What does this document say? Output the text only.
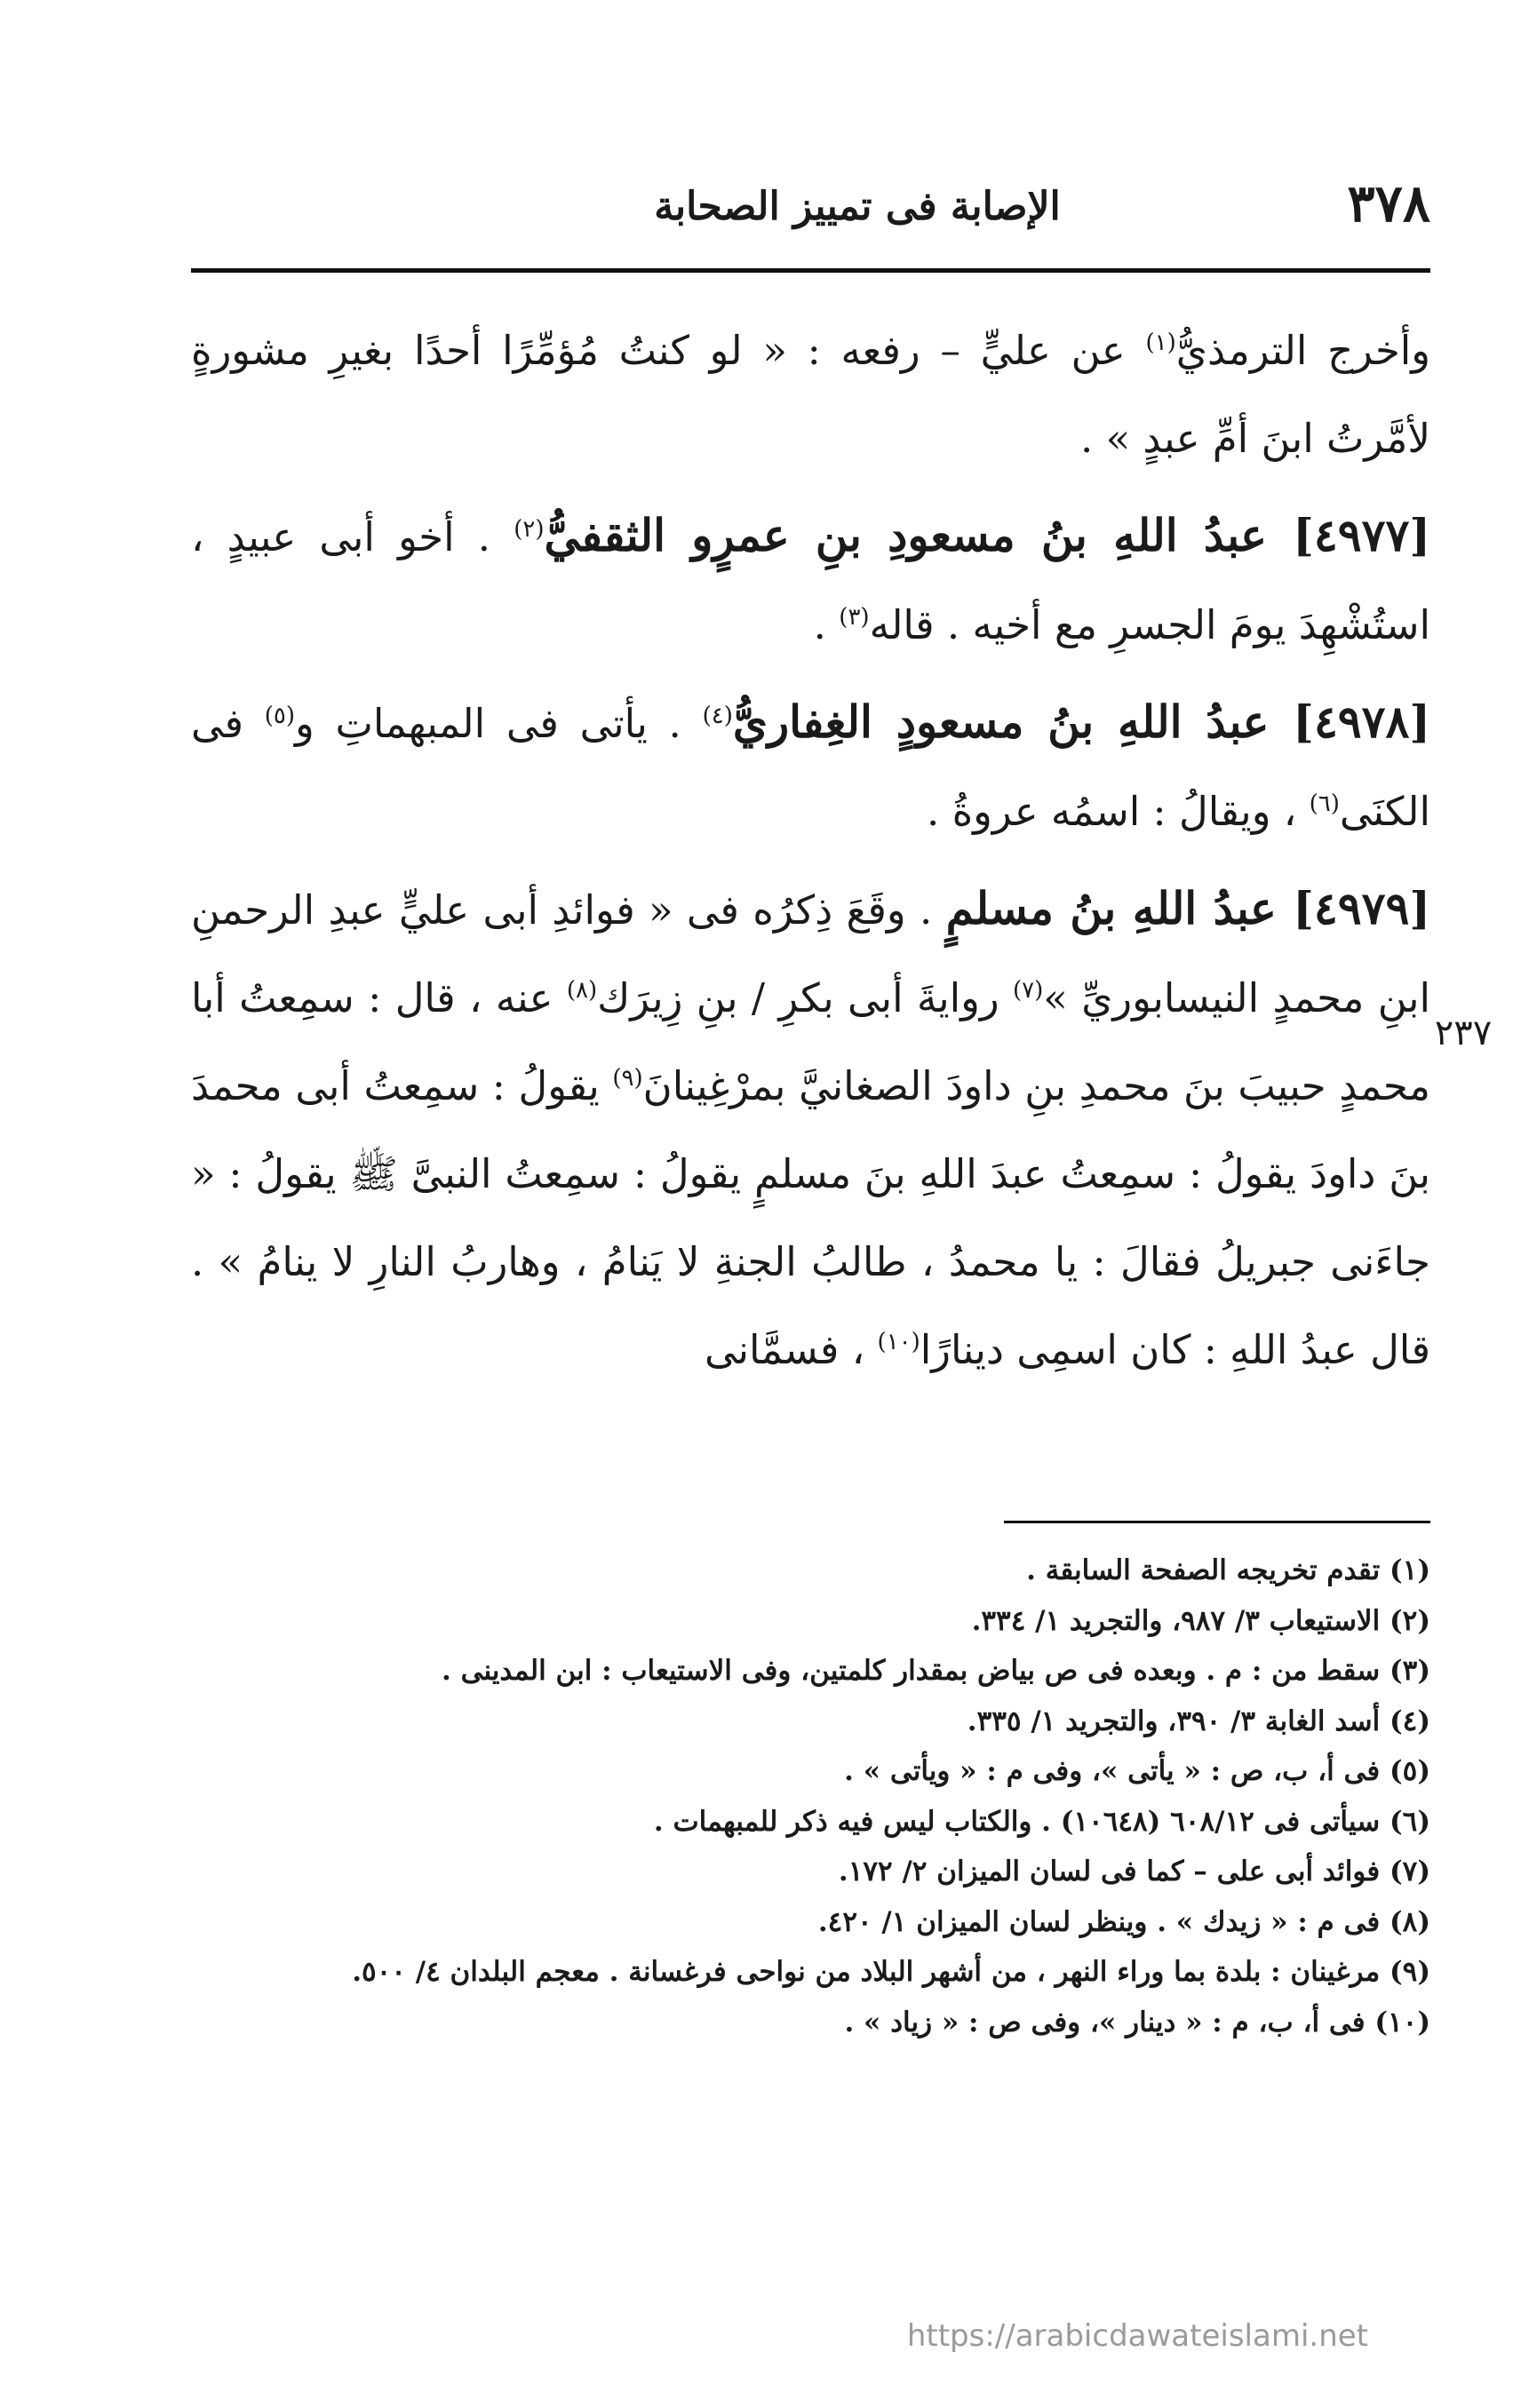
٣٧٨
الإصابة فى تمييز الصحابة

وأخرج الترمذيُّ$^{(١)}$ عن عليٍّ – رفعه : « لو كنتُ مُؤمِّرًا أحدًا بغيرِ مشورةٍ لأمَّرتُ ابنَ أمِّ عبدٍ » .

[٤٩٧٧] عبدُ اللهِ بنُ مسعودِ بنِ عمرٍو الثقفيُّ$^{(٢)}$ . أخو أبى عبيدٍ ، استُشْهِدَ يومَ الجسرِ مع أخيه . قاله$^{(٣)}$ .

[٤٩٧٨] عبدُ اللهِ بنُ مسعودٍ الغِفاريُّ$^{(٤)}$ . يأتى فى المبهماتِ و$^{(٥)}$ فى الكنَى$^{(٦)}$ ، ويقالُ : اسمُه عروةُ .

[٤٩٧٩] عبدُ اللهِ بنُ مسلمٍ . وقَعَ ذِكرُه فى « فوائدِ أبى عليٍّ عبدِ الرحمنِ ابنِ محمدٍ النيسابوريِّ »$^{(٧)}$ روايةَ أبى بكرِ / بنِ زِيرَك$^{(٨)}$ عنه ، قال : سمِعتُ أبا محمدٍ حبيبَ بنَ محمدِ بنِ داودَ الصغانيَّ بمرْغِينانَ$^{(٩)}$ يقولُ : سمِعتُ أبى محمدَ بنَ داودَ يقولُ : سمِعتُ عبدَ اللهِ بنَ مسلمٍ يقولُ : سمِعتُ النبىَّ ﷺ يقولُ : « جاءَنى جبريلُ فقالَ : يا محمدُ ، طالبُ الجنةِ لا يَنامُ ، وهاربُ النارِ لا ينامُ » . قال عبدُ اللهِ : كان اسمِى دينارًا$^{(١٠)}$ ، فسمَّانى

٢٣٧
(١) تقدم تخريجه الصفحة السابقة .
(٢) الاستيعاب ٣/ ٩٨٧، والتجريد ١/ ٣٣٤.
(٣) سقط من : م . وبعده فى ص بياض بمقدار كلمتين، وفى الاستيعاب : ابن المدينى .
(٤) أسد الغابة ٣/ ٣٩٠، والتجريد ١/ ٣٣٥.
(٥) فى أ، ب، ص : « يأتى »، وفى م : « ويأتى » .
(٦) سيأتى فى ٦٠٨/١٢ (١٠٦٤٨) . والكتاب ليس فيه ذكر للمبهمات .
(٧) فوائد أبى على – كما فى لسان الميزان ٢/ ١٧٢.
(٨) فى م : « زيدك » . وينظر لسان الميزان ١/ ٤٢٠.
(٩) مرغينان : بلدة بما وراء النهر ، من أشهر البلاد من نواحى فرغسانة . معجم البلدان ٤/ ٥٠٠.
(١٠) فى أ، ب، م : « دينار »، وفى ص : « زياد » .
https://arabicdawateislami.net
